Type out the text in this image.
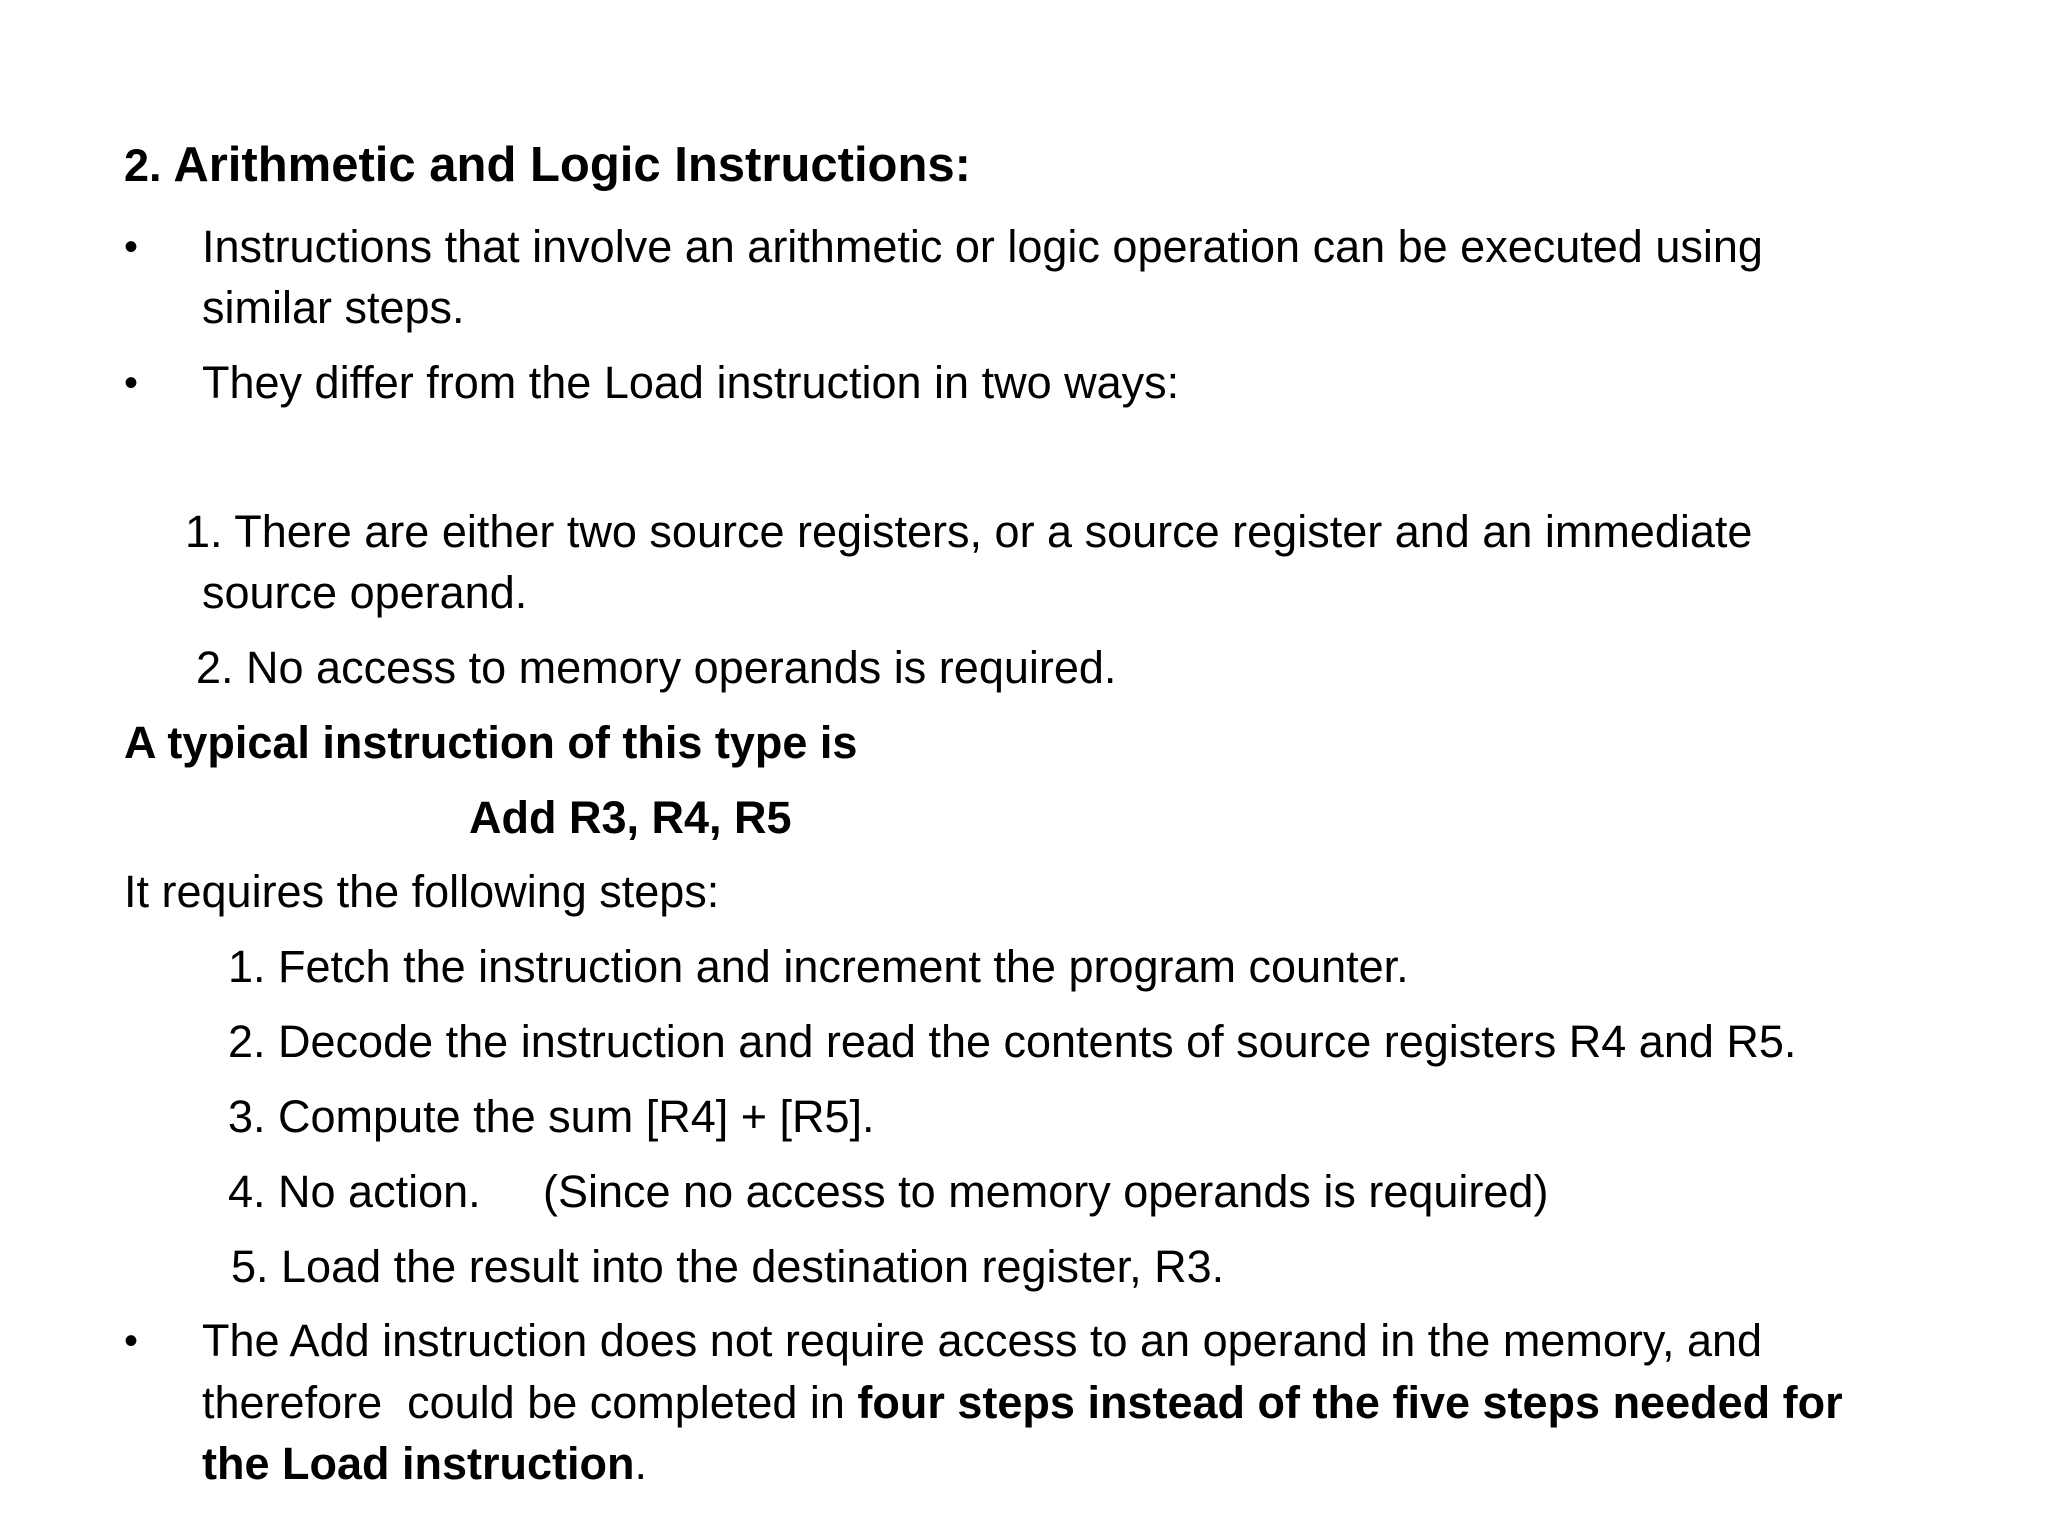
2. Arithmetic and Logic Instructions:
• Instructions that involve an arithmetic or logic operation can be executed using
similar steps.
• They differ from the Load instruction in two ways:
1. There are either two source registers, or a source register and an immediate
source operand.
2. No access to memory operands is required.
A typical instruction of this type is
Add R3, R4, R5
It requires the following steps:
1. Fetch the instruction and increment the program counter.
2. Decode the instruction and read the contents of source registers R4 and R5.
3. Compute the sum [R4] + [R5].
4. No action. (Since no access to memory operands is required)
5. Load the result into the destination register, R3.
• The Add instruction does not require access to an operand in the memory, and
therefore  could be completed in four steps instead of the five steps needed for
the Load instruction.
